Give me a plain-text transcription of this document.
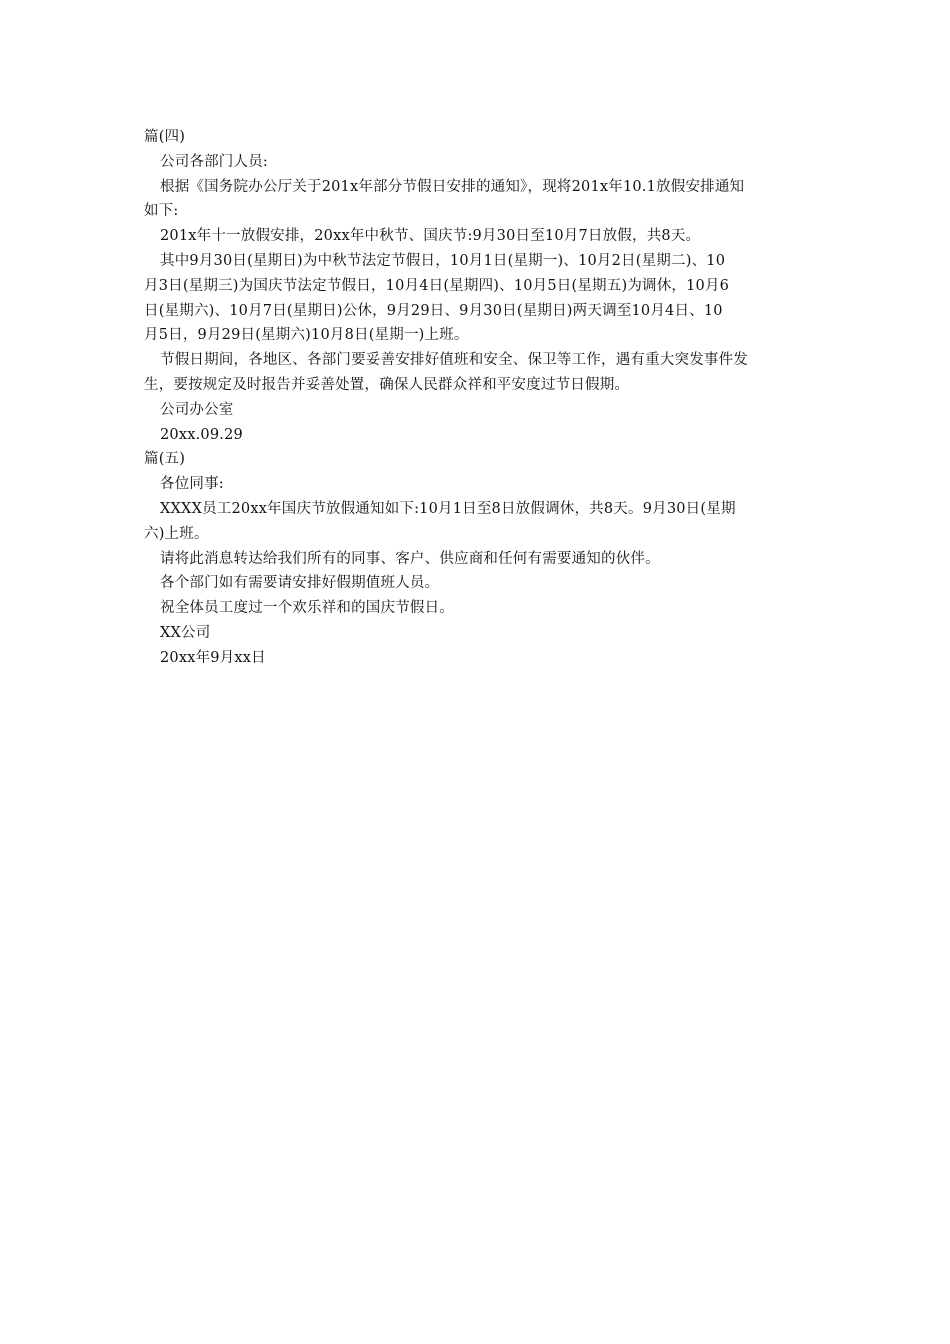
篇(四)
公司各部门人员:
根据《国务院办公厅关于201x年部分节假日安排的通知》，现将201x年10.1放假安排通知
如下:
201x年十一放假安排，20xx年中秋节、国庆节:9月30日至10月7日放假，共8天。
其中9月30日(星期日)为中秋节法定节假日，10月1日(星期一)、10月2日(星期二)、10
月3日(星期三)为国庆节法定节假日，10月4日(星期四)、10月5日(星期五)为调休，10月6
日(星期六)、10月7日(星期日)公休，9月29日、9月30日(星期日)两天调至10月4日、10
月5日，9月29日(星期六)10月8日(星期一)上班。
节假日期间，各地区、各部门要妥善安排好值班和安全、保卫等工作，遇有重大突发事件发
生，要按规定及时报告并妥善处置，确保人民群众祥和平安度过节日假期。
公司办公室
20xx.09.29
篇(五)
各位同事:
XXXX员工20xx年国庆节放假通知如下:10月1日至8日放假调休，共8天。9月30日(星期
六)上班。
请将此消息转达给我们所有的同事、客户、供应商和任何有需要通知的伙伴。
各个部门如有需要请安排好假期值班人员。
祝全体员工度过一个欢乐祥和的国庆节假日。
XX公司
20xx年9月xx日
